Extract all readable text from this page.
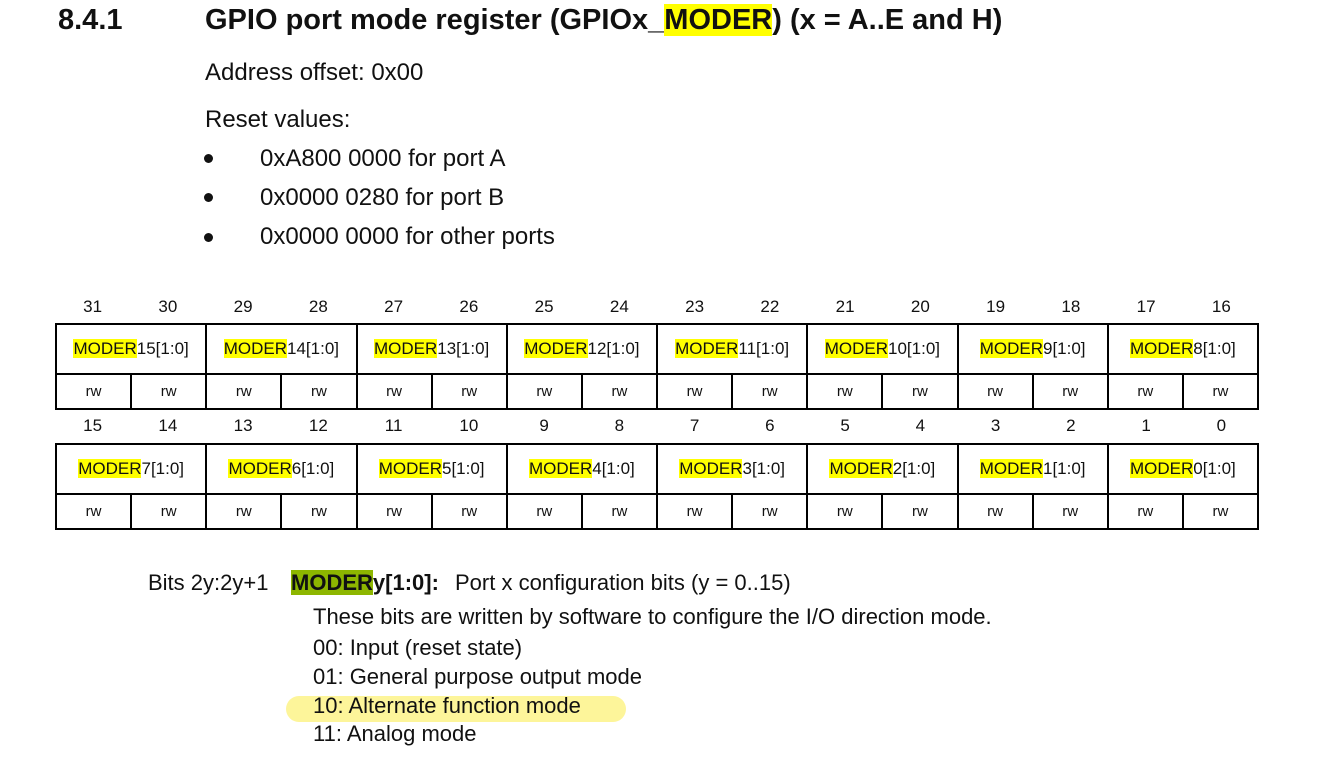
8.4.1	GPIO port mode register (GPIOx_MODER) (x = A..E and H)
Address offset: 0x00
Reset values:
0xA800 0000 for port A
0x0000 0280 for port B
0x0000 0000 for other ports
31	30	29	28	27	26	25	24	23	22	21	20	19	18	17	16
MODER15[1:0]		MODER14[1:0]		MODER13[1:0]		MODER12[1:0]		MODER11[1:0]		MODER10[1:0]		MODER9[1:0]		MODER8[1:0]	
rw	rw	rw	rw	rw	rw	rw	rw	rw	rw	rw	rw	rw	rw	rw	rw
15	14	13	12	11	10	9	8	7	6	5	4	3	2	1	0
MODER7[1:0]		MODER6[1:0]		MODER5[1:0]		MODER4[1:0]		MODER3[1:0]		MODER2[1:0]		MODER1[1:0]		MODER0[1:0]	
rw	rw	rw	rw	rw	rw	rw	rw	rw	rw	rw	rw	rw	rw	rw	rw
Bits 2y:2y+1 MODERy[1:0]: Port x configuration bits (y = 0..15)
These bits are written by software to configure the I/O direction mode.
00: Input (reset state)
01: General purpose output mode
10: Alternate function mode
11: Analog mode
